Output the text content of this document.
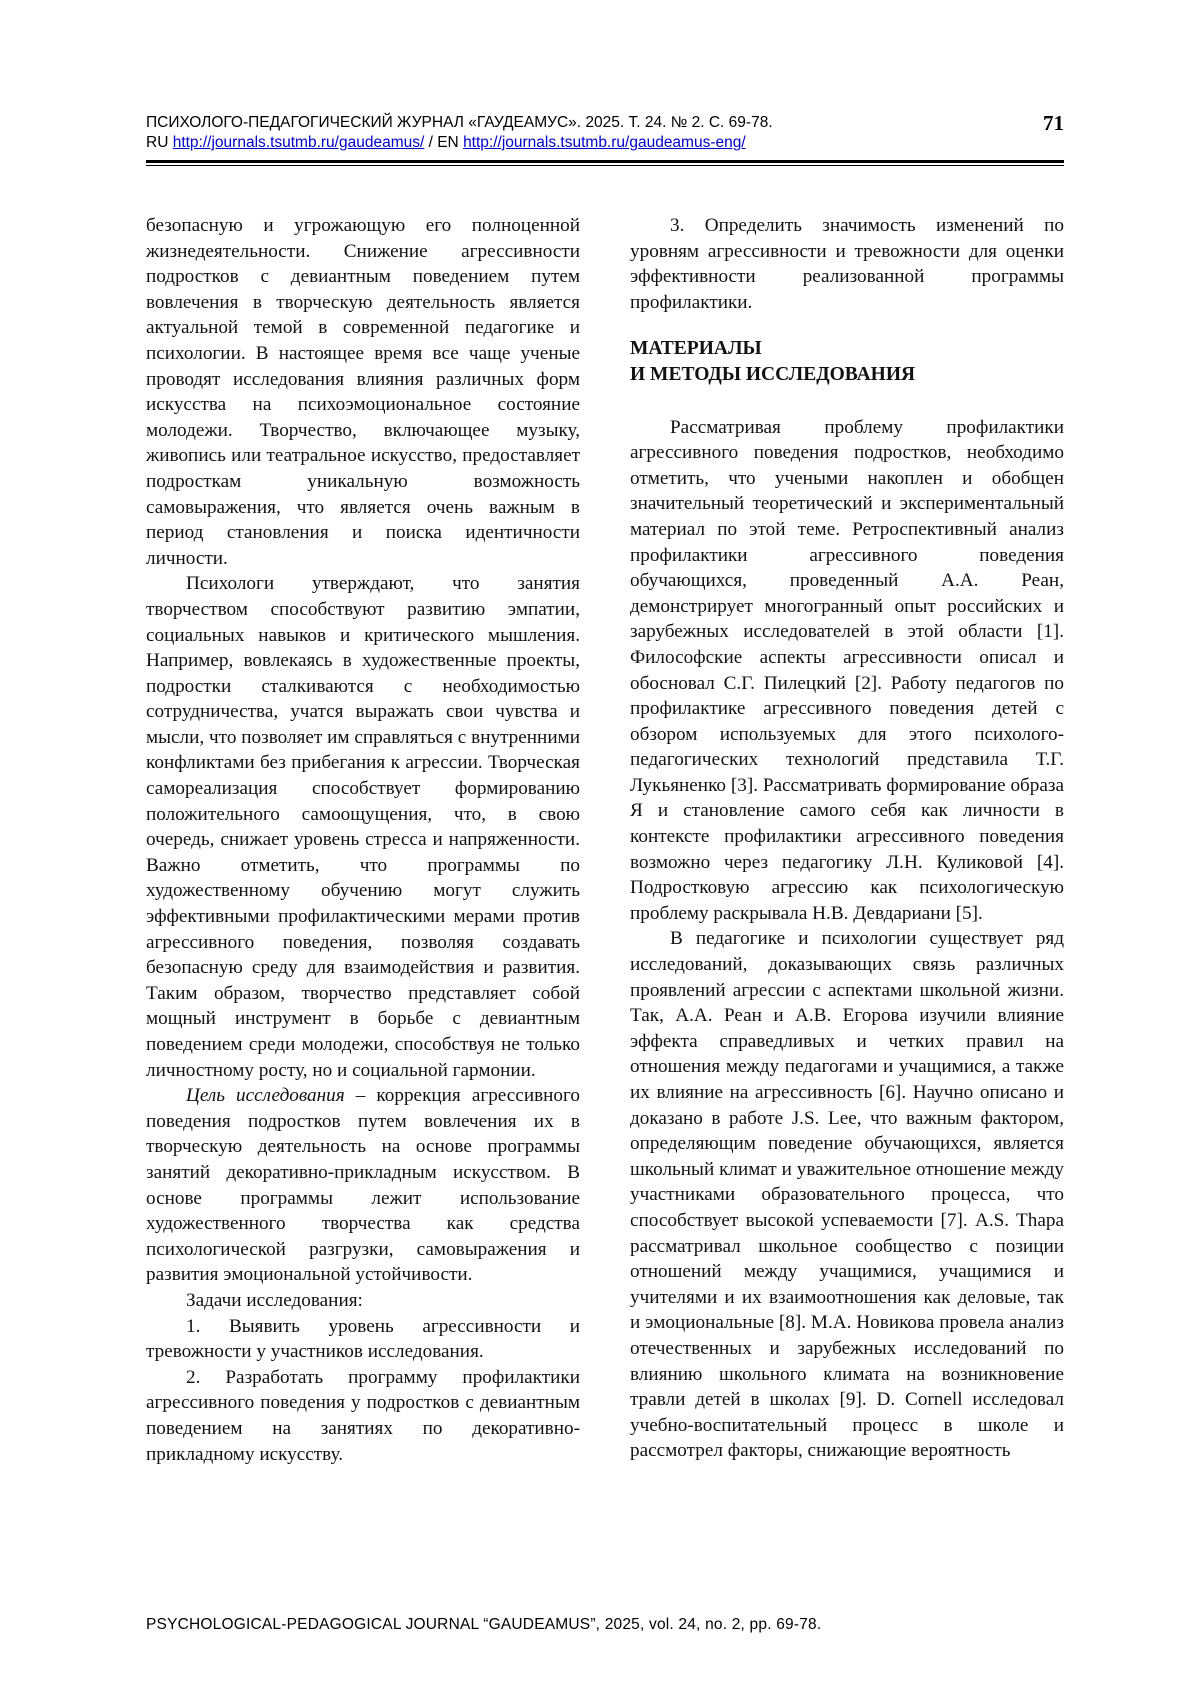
ПСИХОЛОГО-ПЕДАГОГИЧЕСКИЙ ЖУРНАЛ «ГАУДЕАМУС». 2025. Т. 24. № 2. С. 69-78.
RU http://journals.tsutmb.ru/gaudeamus/ / EN http://journals.tsutmb.ru/gaudeamus-eng/
71

безопасную и угрожающую его полноценной жизнедеятельности. Снижение агрессивности подростков с девиантным поведением путем вовлечения в творческую деятельность является актуальной темой в современной педагогике и психологии. В настоящее время все чаще ученые проводят исследования влияния различных форм искусства на психоэмоциональное состояние молодежи. Творчество, включающее музыку, живопись или театральное искусство, предоставляет подросткам уникальную возможность самовыражения, что является очень важным в период становления и поиска идентичности личности.

Психологи утверждают, что занятия творчеством способствуют развитию эмпатии, социальных навыков и критического мышления. Например, вовлекаясь в художественные проекты, подростки сталкиваются с необходимостью сотрудничества, учатся выражать свои чувства и мысли, что позволяет им справляться с внутренними конфликтами без прибегания к агрессии. Творческая самореализация способствует формированию положительного самоощущения, что, в свою очередь, снижает уровень стресса и напряженности. Важно отметить, что программы по художественному обучению могут служить эффективными профилактическими мерами против агрессивного поведения, позволяя создавать безопасную среду для взаимодействия и развития. Таким образом, творчество представляет собой мощный инструмент в борьбе с девиантным поведением среди молодежи, способствуя не только личностному росту, но и социальной гармонии.

Цель исследования – коррекция агрессивного поведения подростков путем вовлечения их в творческую деятельность на основе программы занятий декоративно-прикладным искусством. В основе программы лежит использование художественного творчества как средства психологической разгрузки, самовыражения и развития эмоциональной устойчивости.

Задачи исследования:

1. Выявить уровень агрессивности и тревожности у участников исследования.

2. Разработать программу профилактики агрессивного поведения у подростков с девиантным поведением на занятиях по декоративно-прикладному искусству.

3. Определить значимость изменений по уровням агрессивности и тревожности для оценки эффективности реализованной программы профилактики.

МАТЕРИАЛЫ
И МЕТОДЫ ИССЛЕДОВАНИЯ

Рассматривая проблему профилактики агрессивного поведения подростков, необходимо отметить, что учеными накоплен и обобщен значительный теоретический и экспериментальный материал по этой теме. Ретроспективный анализ профилактики агрессивного поведения обучающихся, проведенный А.А. Реан, демонстрирует многогранный опыт российских и зарубежных исследователей в этой области [1]. Философские аспекты агрессивности описал и обосновал С.Г. Пилецкий [2]. Работу педагогов по профилактике агрессивного поведения детей с обзором используемых для этого психолого-педагогических технологий представила Т.Г. Лукьяненко [3]. Рассматривать формирование образа Я и становление самого себя как личности в контексте профилактики агрессивного поведения возможно через педагогику Л.Н. Куликовой [4]. Подростковую агрессию как психологическую проблему раскрывала Н.В. Девдариани [5].

В педагогике и психологии существует ряд исследований, доказывающих связь различных проявлений агрессии с аспектами школьной жизни. Так, А.А. Реан и А.В. Егорова изучили влияние эффекта справедливых и четких правил на отношения между педагогами и учащимися, а также их влияние на агрессивность [6]. Научно описано и доказано в работе J.S. Lee, что важным фактором, определяющим поведение обучающихся, является школьный климат и уважительное отношение между участниками образовательного процесса, что способствует высокой успеваемости [7]. A.S. Thapa рассматривал школьное сообщество с позиции отношений между учащимися, учащимися и учителями и их взаимоотношения как деловые, так и эмоциональные [8]. М.А. Новикова провела анализ отечественных и зарубежных исследований по влиянию школьного климата на возникновение травли детей в школах [9]. D. Cornell исследовал учебно-воспитательный процесс в школе и рассмотрел факторы, снижающие вероятность

PSYCHOLOGICAL-PEDAGOGICAL JOURNAL “GAUDEAMUS”, 2025, vol. 24, no. 2, pp. 69-78.
